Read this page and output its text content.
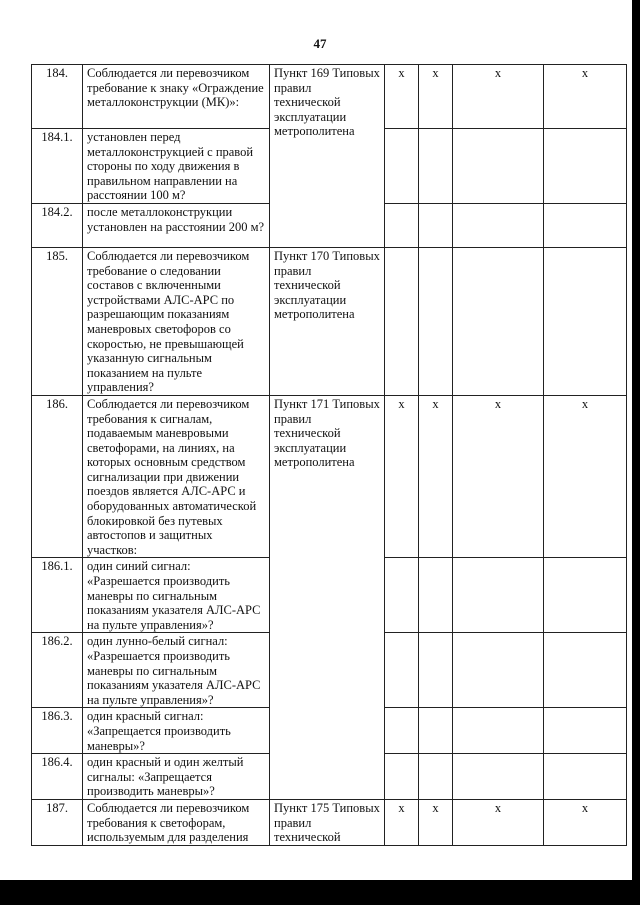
47
184.	Соблюдается ли перевозчиком требование к знаку «Ограждение металлоконструкции (МК)»:	Пункт 169 Типовых правил технической эксплуатации метрополитена	x	x	x	x
184.1.	установлен перед металлоконструкцией с правой стороны по ходу движения в правильном направлении на расстоянии 100 м?					
184.2.	после металлоконструкции установлен на расстоянии 200 м?					
185.	Соблюдается ли перевозчиком требование о следовании составов с включенными устройствами АЛС-АРС по разрешающим показаниям маневровых светофоров со скоростью, не превышающей указанную сигнальным показанием на пульте управления?	Пункт 170 Типовых правил технической эксплуатации метрополитена				
186.	Соблюдается ли перевозчиком требования к сигналам, подаваемым маневровыми светофорами, на линиях, на которых основным средством сигнализации при движении поездов является АЛС-АРС и оборудованных автоматической блокировкой без путевых автостопов и защитных участков:	Пункт 171 Типовых правил технической эксплуатации метрополитена	x	x	x	x
186.1.	один синий сигнал: «Разрешается производить маневры по сигнальным показаниям указателя АЛС-АРС на пульте управления»?					
186.2.	один лунно-белый сигнал: «Разрешается производить маневры по сигнальным показаниям указателя АЛС-АРС на пульте управления»?					
186.3.	один красный сигнал: «Запрещается производить маневры»?					
186.4.	один красный и один желтый сигналы: «Запрещается производить маневры»?					
187.	Соблюдается ли перевозчиком требования к светофорам, используемым для разделения	Пункт 175 Типовых правил технической	x	x	x	x
